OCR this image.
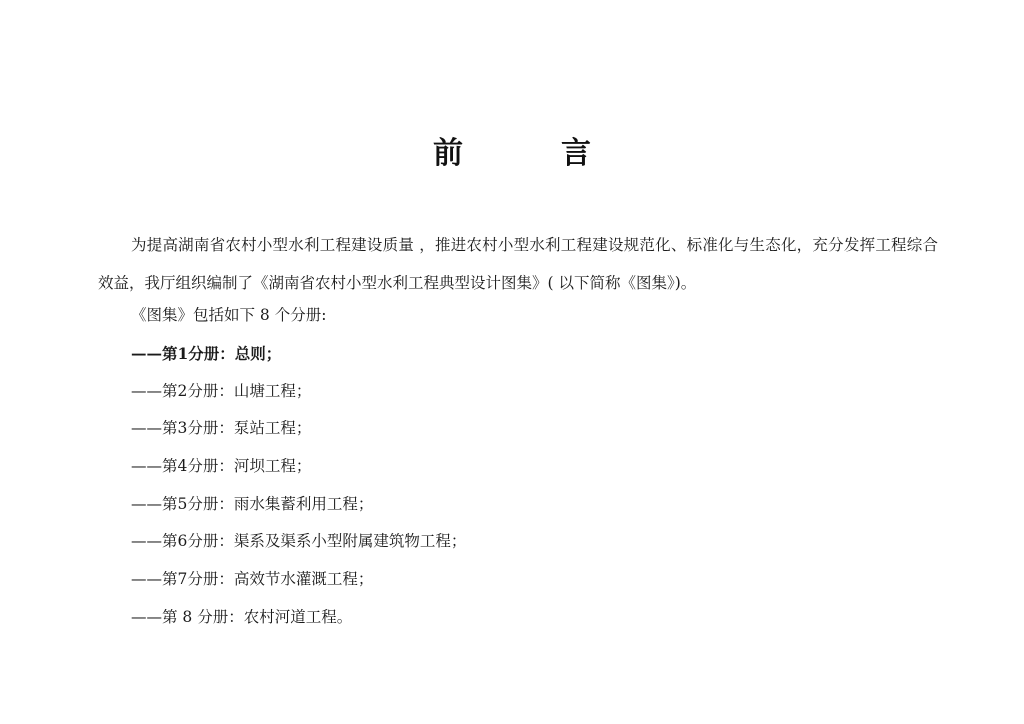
前　言

为提高湖南省农村小型水利工程建设质量 ，推进农村小型水利工程建设规范化、标准化与生态化，充分发挥工程综合效益，我厅组织编制了《湖南省农村小型水利工程典型设计图集》( 以下简称《图集》)。

《图集》包括如下 8 个分册:

——第1分册：总则；
——第2分册：山塘工程；
——第3分册：泵站工程；
——第4分册：河坝工程；
——第5分册：雨水集蓄利用工程；
——第6分册：渠系及渠系小型附属建筑物工程；
——第7分册：高效节水灌溉工程；
——第 8 分册：农村河道工程。
